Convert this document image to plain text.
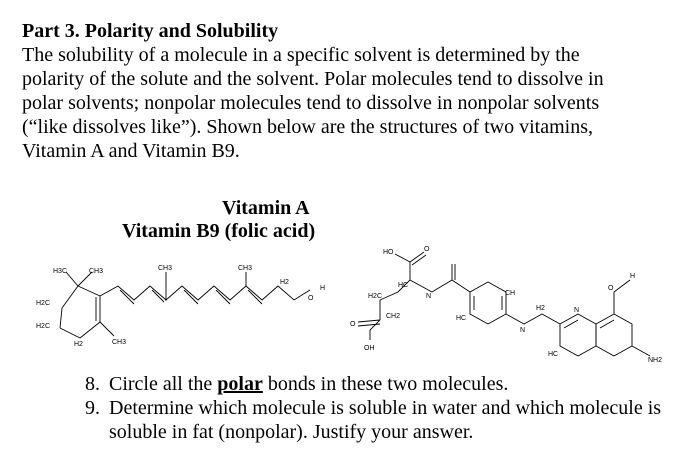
Part 3. Polarity and Solubility
The solubility of a molecule in a specific solvent is determined by the
polarity of the solute and the solvent. Polar molecules tend to dissolve in
polar solvents; nonpolar molecules tend to dissolve in nonpolar solvents
(“like dissolves like”). Shown below are the structures of two vitamins,
Vitamin A and Vitamin B9.
Vitamin A
Vitamin B9 (folic acid)
H3C	CH3
H2C
H2C
H2	CH3
CH3	CH3
H2
O
H
HO	O
HC
N
H2C
CH2
O
OH
CH
HC
N
H2
O
H
N
HC
NH2
8. Circle all the polar bonds in these two molecules.
9. Determine which molecule is soluble in water and which molecule is soluble in fat (nonpolar). Justify your answer.
